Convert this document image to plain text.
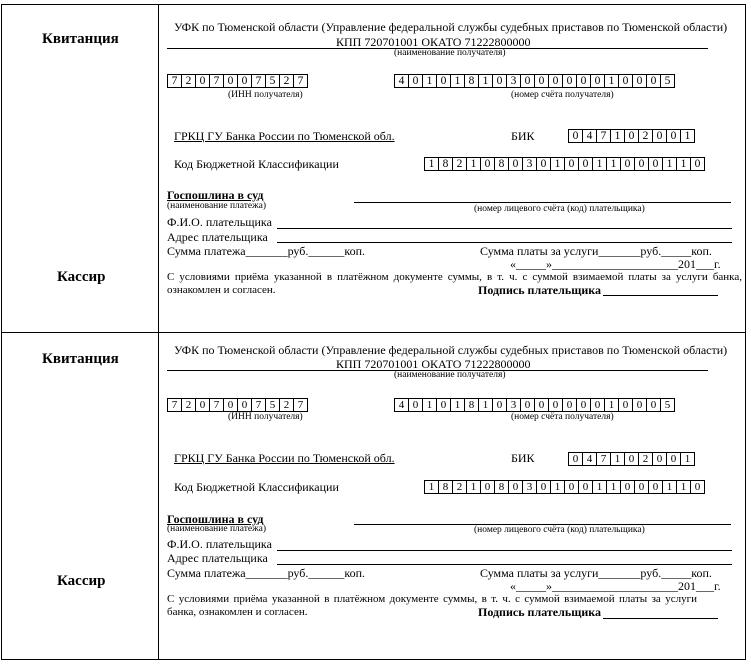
Квитанция
Кассир
УФК по Тюменской области (Управление федеральной службы судебных приставов по Тюменской области)
КПП 720701001 ОКАТО 71222800000
(наименование получателя)
7 2 0 7 0 0 7 5 2 7
(ИНН получателя)
4 0 1 0 1 8 1 0 3 0 0 0 0 0 0 1 0 0 0 5
(номер счёта получателя)
ГРКЦ ГУ Банка России по Тюменской обл.	БИК	0 4 7 1 0 2 0 0 1
Код Бюджетной Классификации	1 8 2 1 0 8 0 3 0 1 0 0 1 1 0 0 0 1 1 0
Госпошлина в суд
(наименование платежа)	(номер лицевого счёта (код) плательщика)
Ф.И.О. плательщика
Адрес плательщика
Сумма платежа_______руб.______коп.	Сумма платы за услуги_______руб._____коп.
«_____»_____________________201___г.
С условиями приёма указанной в платёжном документе суммы, в т. ч. с суммой взимаемой платы за услуги банка, ознакомлен и согласен.	Подпись плательщика
Квитанция
Кассир
УФК по Тюменской области (Управление федеральной службы судебных приставов по Тюменской области)
КПП 720701001 ОКАТО 71222800000
(наименование получателя)
7 2 0 7 0 0 7 5 2 7
(ИНН получателя)
4 0 1 0 1 8 1 0 3 0 0 0 0 0 0 1 0 0 0 5
(номер счёта получателя)
ГРКЦ ГУ Банка России по Тюменской обл.	БИК	0 4 7 1 0 2 0 0 1
Код Бюджетной Классификации	1 8 2 1 0 8 0 3 0 1 0 0 1 1 0 0 0 1 1 0
Госпошлина в суд
(наименование платежа)	(номер лицевого счёта (код) плательщика)
Ф.И.О. плательщика
Адрес плательщика
Сумма платежа_______руб.______коп.	Сумма платы за услуги_______руб._____коп.
«_____»_____________________201___г.
С условиями приёма указанной в платёжном документе суммы, в т. ч. с суммой взимаемой платы за услуги банка, ознакомлен и согласен.	Подпись плательщика
